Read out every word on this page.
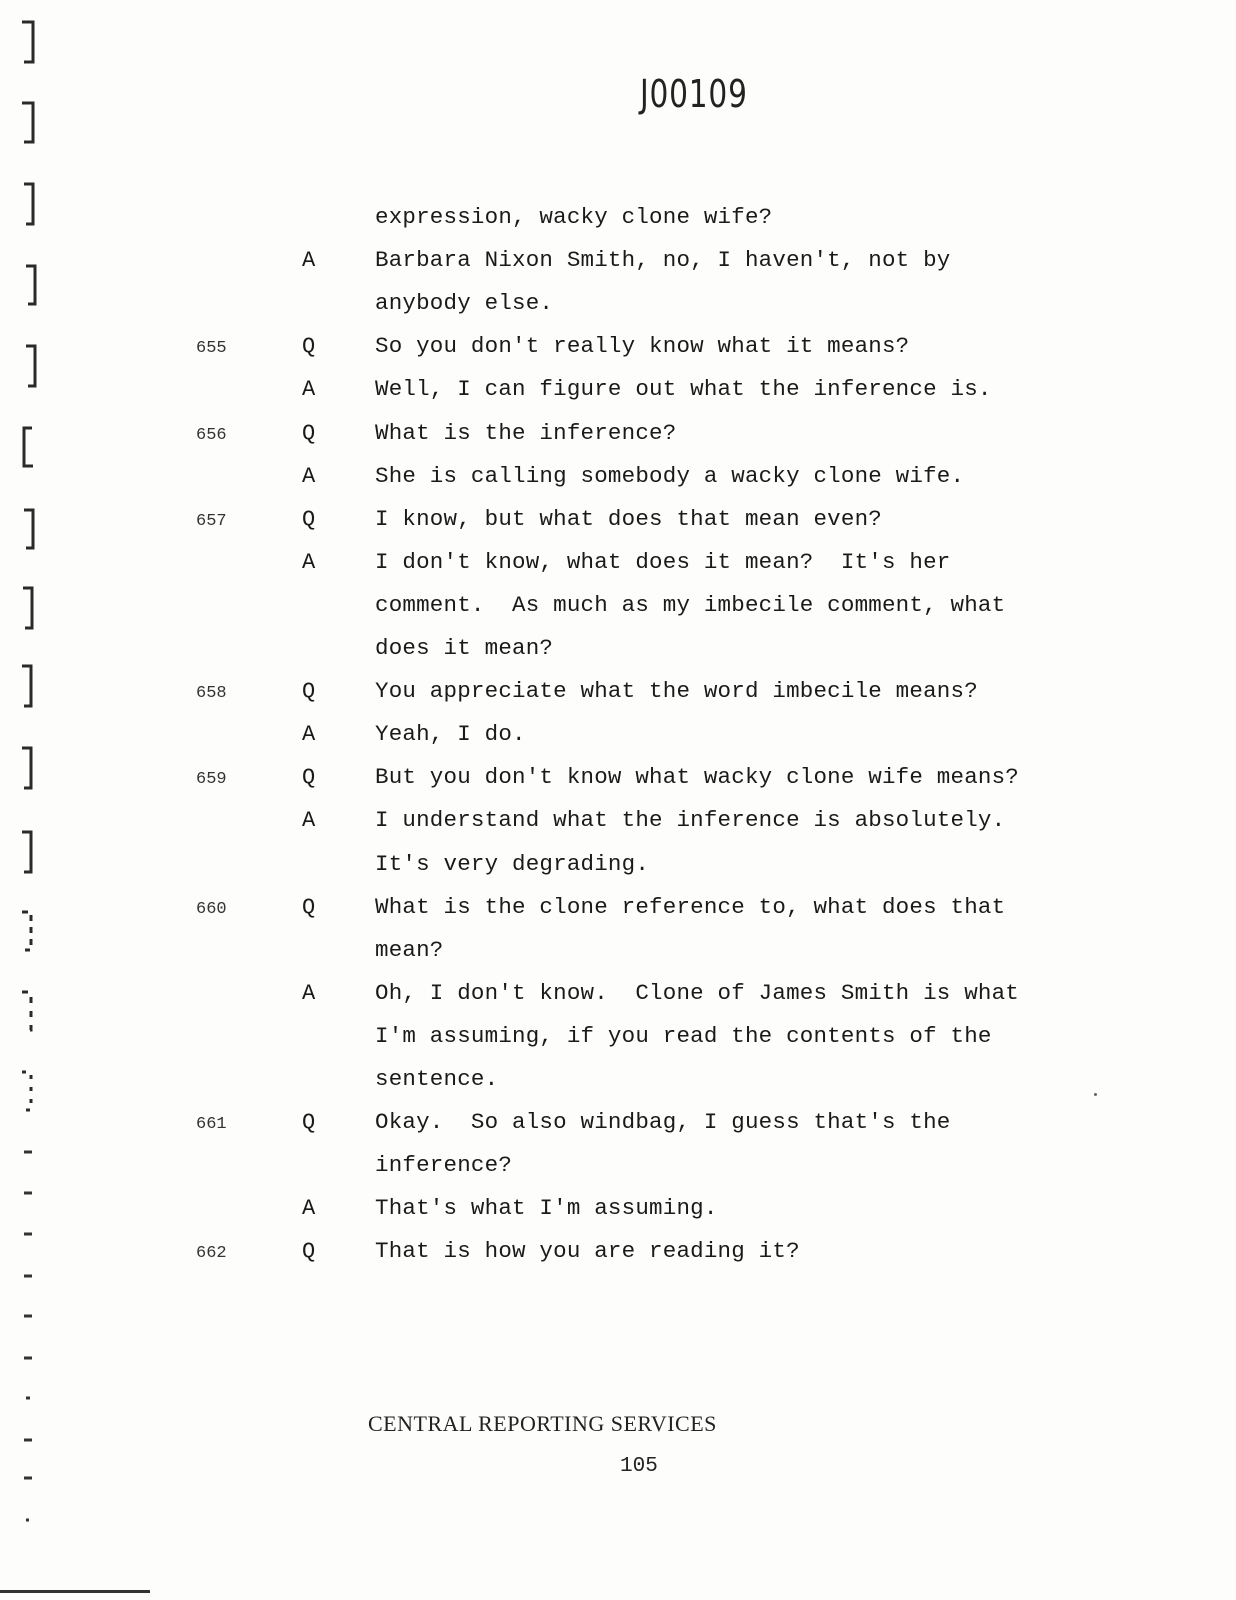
J00109
expression, wacky clone wife?
A	Barbara Nixon Smith, no, I haven't, not by
anybody else.
655	Q	So you don't really know what it means?
A	Well, I can figure out what the inference is.
656	Q	What is the inference?
A	She is calling somebody a wacky clone wife.
657	Q	I know, but what does that mean even?
A	I don't know, what does it mean?  It's her
comment.  As much as my imbecile comment, what
does it mean?
658	Q	You appreciate what the word imbecile means?
A	Yeah, I do.
659	Q	But you don't know what wacky clone wife means?
A	I understand what the inference is absolutely.
It's very degrading.
660	Q	What is the clone reference to, what does that
mean?
A	Oh, I don't know.  Clone of James Smith is what
I'm assuming, if you read the contents of the
sentence.
661	Q	Okay.  So also windbag, I guess that's the
inference?
A	That's what I'm assuming.
662	Q	That is how you are reading it?
CENTRAL REPORTING SERVICES
105
